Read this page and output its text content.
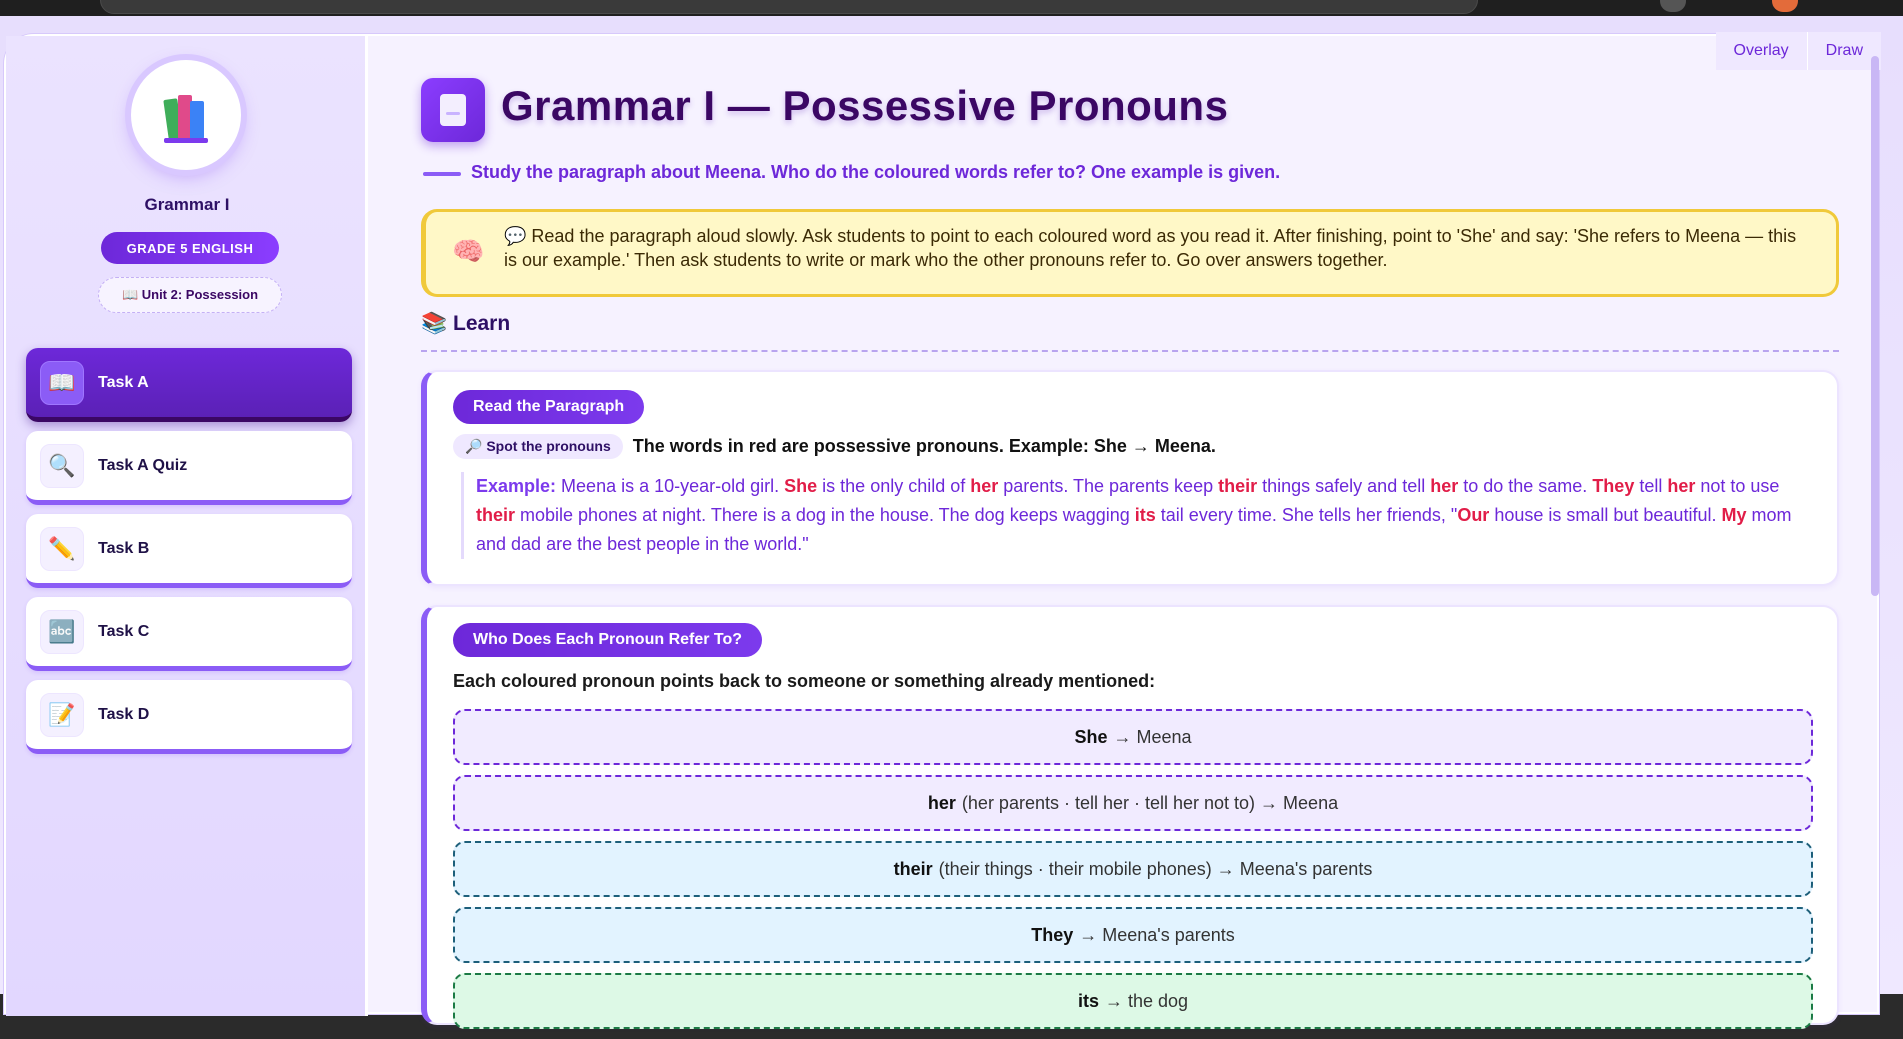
Grammar I
GRADE 5 ENGLISH
📖 Unit 2: Possession
📖	Task A
🔍	Task A Quiz
✏️	Task B
🔤	Task C
📝	Task D
Overlay	Draw
Grammar I — Possessive Pronouns
Study the paragraph about Meena. Who do the coloured words refer to? One example is given.
🧠 💬 Read the paragraph aloud slowly. Ask students to point to each coloured word as you read it. After finishing, point to 'She' and say: 'She refers to Meena — this is our example.' Then ask students to write or mark who the other pronouns refer to. Go over answers together.
📚 Learn
Read the Paragraph
🔎 Spot the pronouns	The words in red are possessive pronouns. Example: She → Meena.

Example: Meena is a 10-year-old girl. She is the only child of her parents. The parents keep their things safely and tell her to do the same. They tell her not to use their mobile phones at night. There is a dog in the house. The dog keeps wagging its tail every time. She tells her friends, "Our house is small but beautiful. My mom and dad are the best people in the world."

Who Does Each Pronoun Refer To?
Each coloured pronoun points back to someone or something already mentioned:
She → Meena
her (her parents · tell her · tell her not to) → Meena
their (their things · their mobile phones) → Meena's parents
They → Meena's parents
its → the dog
